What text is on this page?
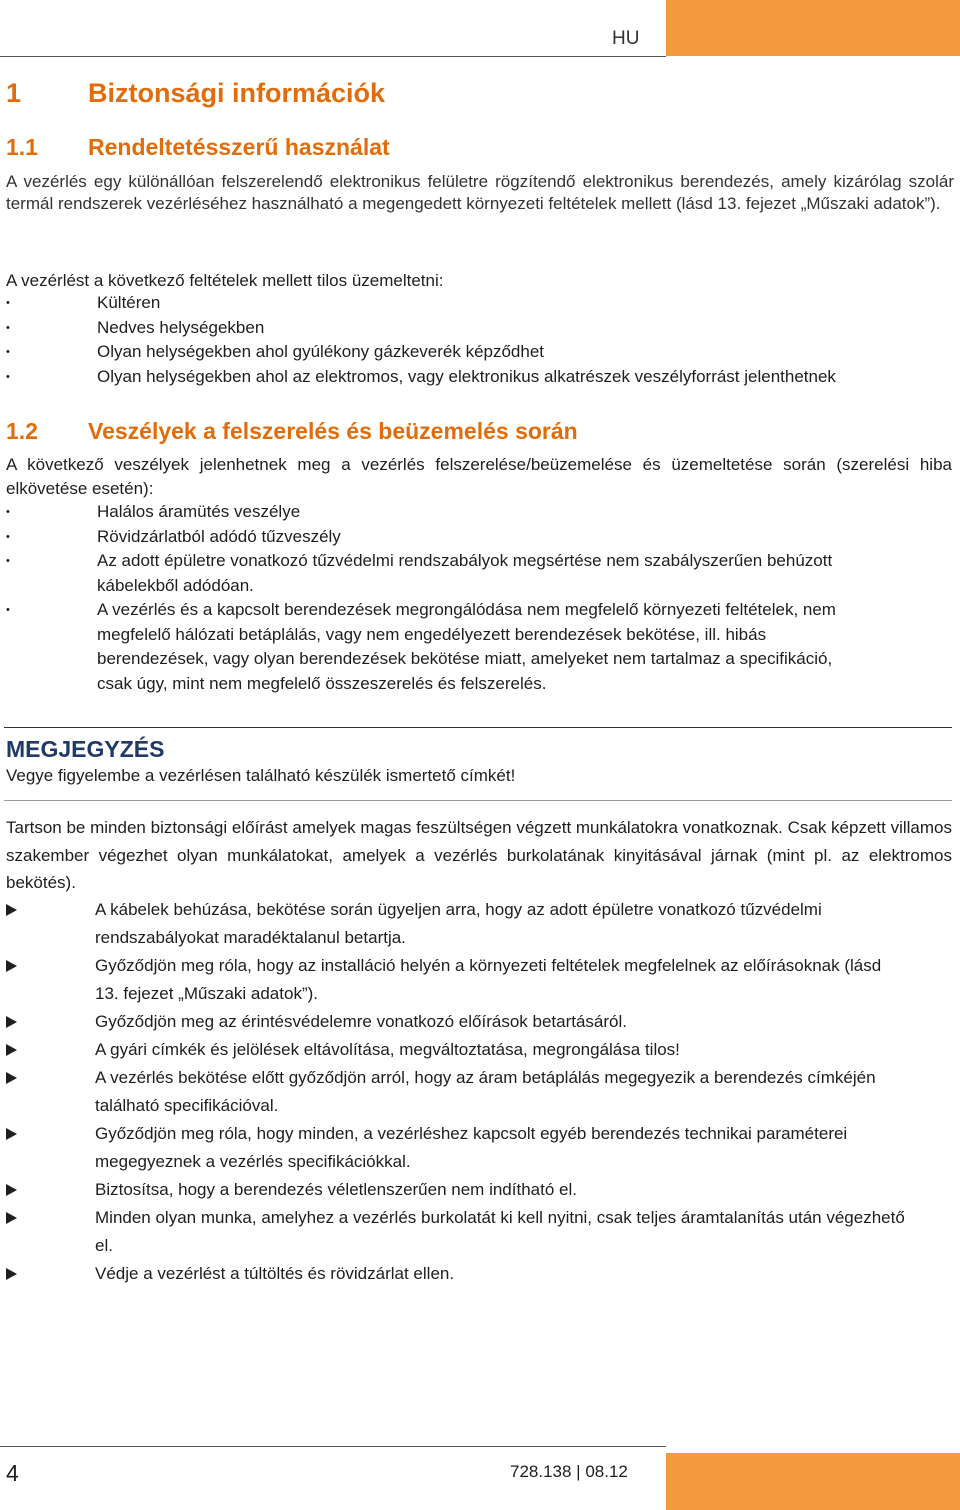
HU
1 Biztonsági információk
1.1 Rendeltetésszerű használat

A vezérlés egy különállóan felszerelendő elektronikus felületre rögzítendő elektronikus berendezés, amely kizárólag szolár termál rendszerek vezérléséhez használható a megengedett környezeti feltételek mellett (lásd 13. fejezet „Műszaki adatok”).

A vezérlést a következő feltételek mellett tilos üzemeltetni:

• Kültéren
• Nedves helységekben
• Olyan helységekben ahol gyúlékony gázkeverék képződhet
• Olyan helységekben ahol az elektromos, vagy elektronikus alkatrészek veszélyforrást jelenthetnek
1.2 Veszélyek a felszerelés és beüzemelés során

A következő veszélyek jelenhetnek meg a vezérlés felszerelése/beüzemelése és üzemeltetése során (szerelési hiba elkövetése esetén):

• Halálos áramütés veszélye
• Rövidzárlatból adódó tűzveszély
• Az adott épületre vonatkozó tűzvédelmi rendszabályok megsértése nem szabályszerűen behúzott kábelekből adódóan.
• A vezérlés és a kapcsolt berendezések megrongálódása nem megfelelő környezeti feltételek, nem megfelelő hálózati betáplálás, vagy nem engedélyezett berendezések bekötése, ill. hibás berendezések, vagy olyan berendezések bekötése miatt, amelyeket nem tartalmaz a specifikáció, csak úgy, mint nem megfelelő összeszerelés és felszerelés.
MEGJEGYZÉS

Vegye figyelembe a vezérlésen található készülék ismertető címkét!

Tartson be minden biztonsági előírást amelyek magas feszültségen végzett munkálatokra vonatkoznak. Csak képzett villamos szakember végezhet olyan munkálatokat, amelyek a vezérlés burkolatának kinyitásával járnak (mint pl. az elektromos bekötés).

A kábelek behúzása, bekötése során ügyeljen arra, hogy az adott épületre vonatkozó tűzvédelmi rendszabályokat maradéktalanul betartja.
Győződjön meg róla, hogy az installáció helyén a környezeti feltételek megfelelnek az előírásoknak (lásd 13. fejezet „Műszaki adatok”).
Győződjön meg az érintésvédelemre vonatkozó előírások betartásáról.
A gyári címkék és jelölések eltávolítása, megváltoztatása, megrongálása tilos!
A vezérlés bekötése előtt győződjön arról, hogy az áram betáplálás megegyezik a berendezés címkéjén található specifikációval.
Győződjön meg róla, hogy minden, a vezérléshez kapcsolt egyéb berendezés technikai paraméterei megegyeznek a vezérlés specifikációkkal.
Biztosítsa, hogy a berendezés véletlenszerűen nem indítható el.
Minden olyan munka, amelyhez a vezérlés burkolatát ki kell nyitni, csak teljes áramtalanítás után végezhető el.
Védje a vezérlést a túltöltés és rövidzárlat ellen.
4	728.138 | 08.12
